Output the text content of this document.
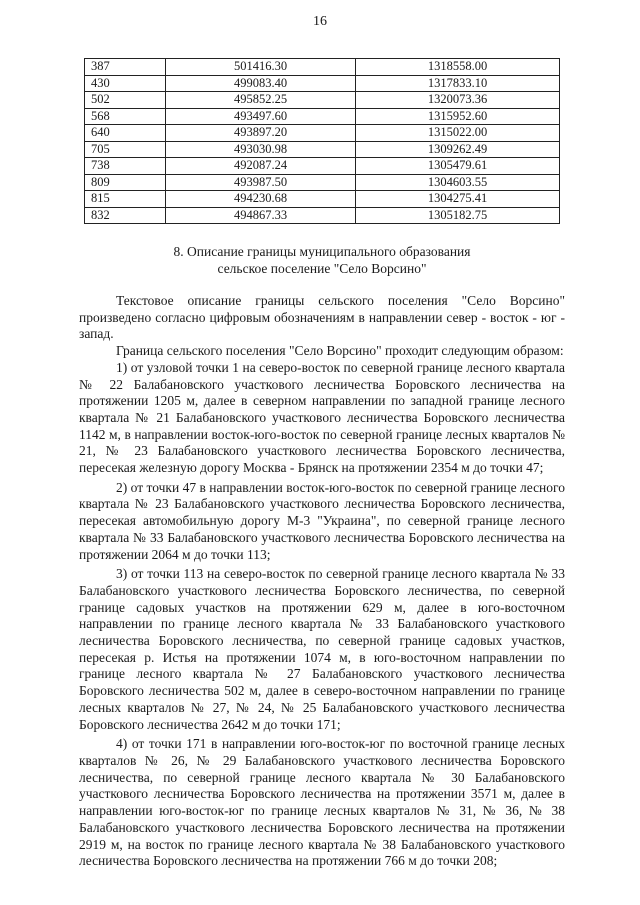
16
387	501416.30	1318558.00
430	499083.40	1317833.10
502	495852.25	1320073.36
568	493497.60	1315952.60
640	493897.20	1315022.00
705	493030.98	1309262.49
738	492087.24	1305479.61
809	493987.50	1304603.55
815	494230.68	1304275.41
832	494867.33	1305182.75
8. Описание границы муниципального образования
сельское поселение "Село Ворсино"

Текстовое описание границы сельского поселения "Село Ворсино" произведено согласно цифровым обозначениям в направлении север - восток - юг - запад.

Граница сельского поселения "Село Ворсино" проходит следующим образом:

1) от узловой точки 1 на северо-восток по северной границе лесного квартала № 22 Балабановского участкового лесничества Боровского лесничества на протяжении 1205 м, далее в северном направлении по западной границе лесного квартала № 21 Балабановского участкового лесничества Боровского лесничества 1142 м, в направлении восток-юго-восток по северной границе лесных кварталов № 21, № 23 Балабановского участкового лесничества Боровского лесничества, пересекая железную дорогу Москва - Брянск на протяжении 2354 м до точки 47;

2) от точки 47 в направлении восток-юго-восток по северной границе лесного квартала № 23 Балабановского участкового лесничества Боровского лесничества, пересекая автомобильную дорогу М-3 "Украина", по северной границе лесного квартала № 33 Балабановского участкового лесничества Боровского лесничества на протяжении 2064 м до точки 113;

3) от точки 113 на северо-восток по северной границе лесного квартала № 33 Балабановского участкового лесничества Боровского лесничества, по северной границе садовых участков на протяжении 629 м, далее в юго-восточном направлении по границе лесного квартала № 33 Балабановского участкового лесничества Боровского лесничества, по северной границе садовых участков, пересекая р. Истья на протяжении 1074 м, в юго-восточном направлении по границе лесного квартала № 27 Балабановского участкового лесничества Боровского лесничества 502 м, далее в северо-восточном направлении по границе лесных кварталов № 27, № 24, № 25 Балабановского участкового лесничества Боровского лесничества 2642 м до точки 171;

4) от точки 171 в направлении юго-восток-юг по восточной границе лесных кварталов № 26, № 29 Балабановского участкового лесничества Боровского лесничества, по северной границе лесного квартала № 30 Балабановского участкового лесничества Боровского лесничества на протяжении 3571 м, далее в направлении юго-восток-юг по границе лесных кварталов № 31, № 36, № 38 Балабановского участкового лесничества Боровского лесничества на протяжении 2919 м, на восток по границе лесного квартала № 38 Балабановского участкового лесничества Боровского лесничества на протяжении 766 м до точки 208;
